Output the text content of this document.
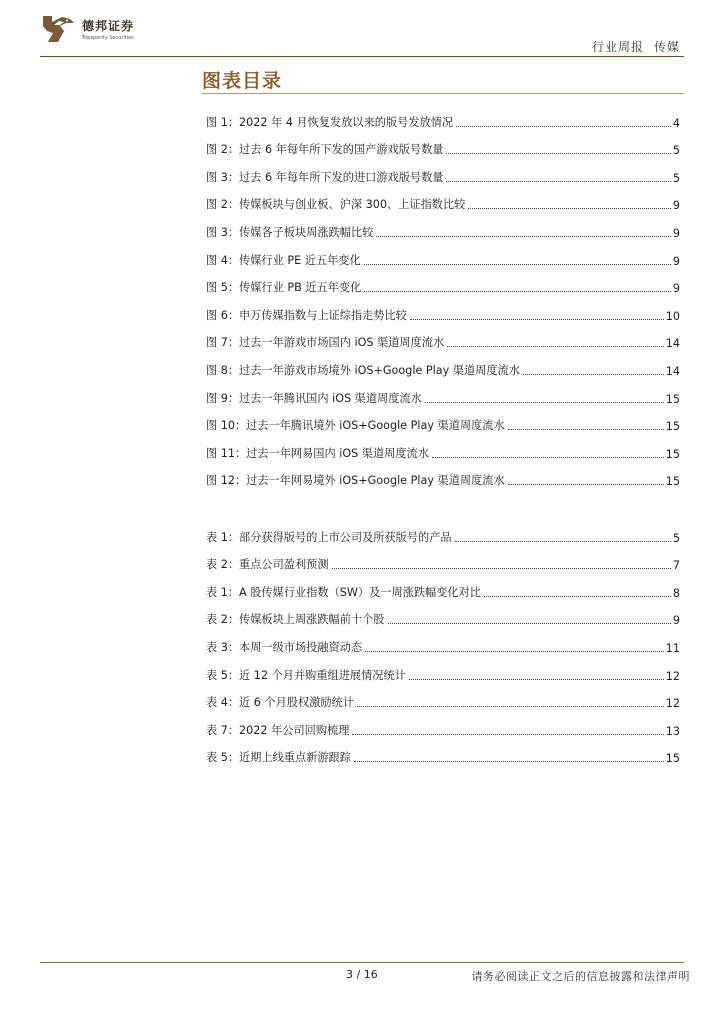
德邦证券
Topsperity Securities
行业周报 传媒
图表目录
图 1：2022 年 4 月恢复发放以来的版号发放情况	4
图 2：过去 6 年每年所下发的国产游戏版号数量	5
图 3：过去 6 年每年所下发的进口游戏版号数量	5
图 2：传媒板块与创业板、沪深 300、上证指数比较	9
图 3：传媒各子板块周涨跌幅比较	9
图 4：传媒行业 PE 近五年变化	9
图 5：传媒行业 PB 近五年变化	9
图 6：申万传媒指数与上证综指走势比较	10
图 7：过去一年游戏市场国内 iOS 渠道周度流水	14
图 8：过去一年游戏市场境外 iOS+Google Play 渠道周度流水	14
图 9：过去一年腾讯国内 iOS 渠道周度流水	15
图 10：过去一年腾讯境外 iOS+Google Play 渠道周度流水	15
图 11：过去一年网易国内 iOS 渠道周度流水	15
图 12：过去一年网易境外 iOS+Google Play 渠道周度流水	15
表 1：部分获得版号的上市公司及所获版号的产品	5
表 2：重点公司盈利预测	7
表 1：A 股传媒行业指数（SW）及一周涨跌幅变化对比	8
表 2：传媒板块上周涨跌幅前十个股	9
表 3：本周一级市场投融资动态	11
表 5：近 12 个月并购重组进展情况统计	12
表 4：近 6 个月股权激励统计	12
表 7：2022 年公司回购梳理	13
表 5：近期上线重点新游跟踪	15
3 / 16	请务必阅读正文之后的信息披露和法律声明
